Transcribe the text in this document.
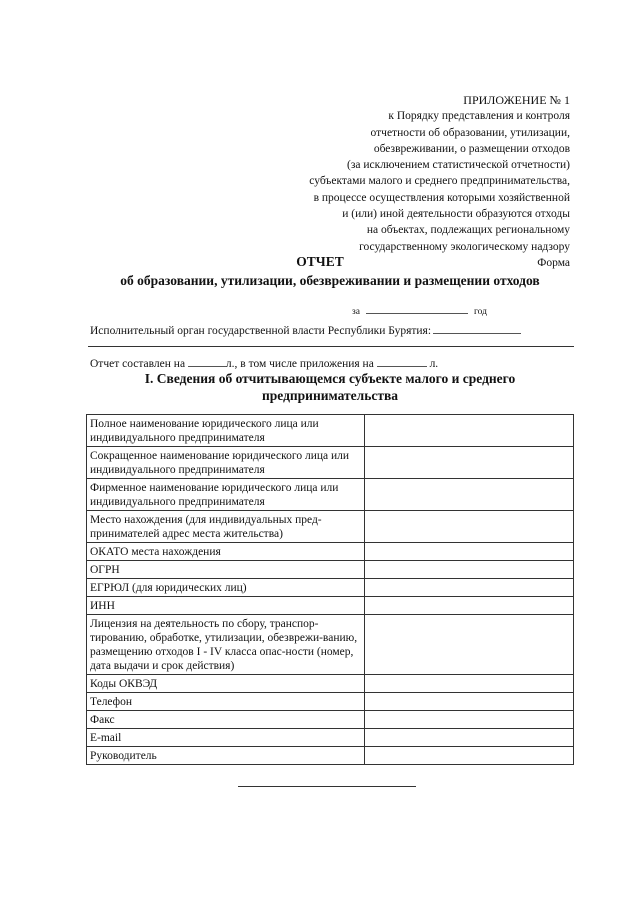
ПРИЛОЖЕНИЕ № 1
к Порядку представления и контроля
отчетности об образовании, утилизации,
обезвреживании, о размещении отходов
(за исключением статистической отчетности)
субъектами малого и среднего предпринимательства,
в процессе осуществления которыми хозяйственной
и (или) иной деятельности образуются отходы
на объектах, подлежащих региональному
государственному экологическому надзору
Форма
ОТЧЕТ
об образовании, утилизации, обезвреживании и размещении отходов
за	год
Исполнительный орган государственной власти Республики Бурятия:
Отчет составлен на	л., в том числе приложения на	л.
I. Сведения об отчитывающемся субъекте малого и среднего
предпринимательства
Полное наименование юридического лица или индивидуального предпринимателя	
Сокращенное наименование юридического лица или индивидуального предпринимателя	
Фирменное наименование юридического лица или индивидуального предпринимателя	
Место нахождения (для индивидуальных пред-принимателей адрес места жительства)	
ОКАТО места нахождения	
ОГРН	
ЕГРЮЛ (для юридических лиц)	
ИНН	
Лицензия на деятельность по сбору, транспор-тированию, обработке, утилизации, обезврежи-ванию, размещению отходов I - IV класса опас-ности (номер, дата выдачи и срок действия)	
Коды ОКВЭД	
Телефон	
Факс	
E-mail	
Руководитель	
